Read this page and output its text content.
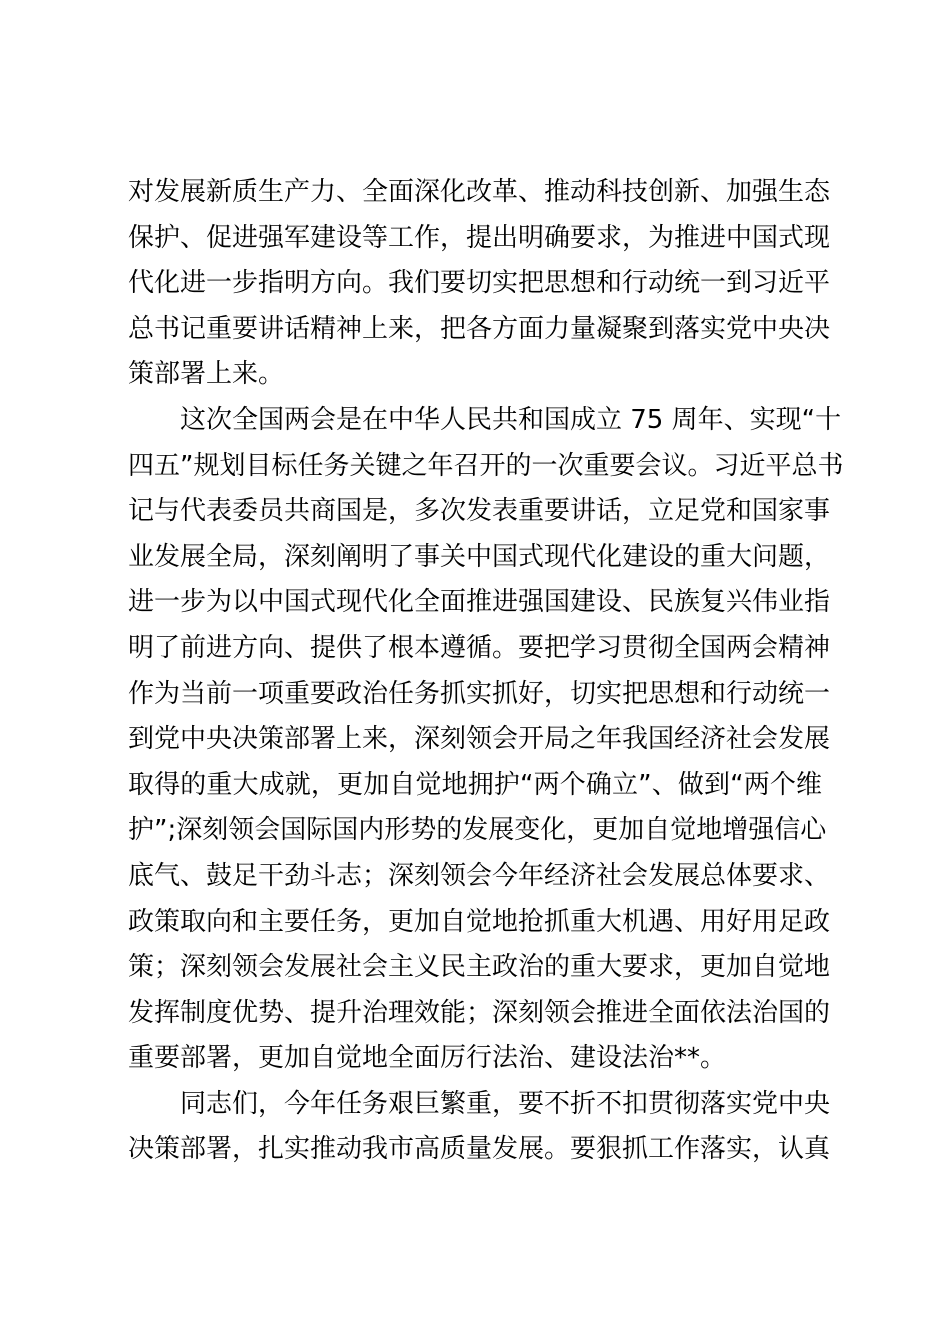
对发展新质生产力、全面深化改革、推动科技创新、加强生态
保护、促进强军建设等工作，提出明确要求，为推进中国式现
代化进一步指明方向。我们要切实把思想和行动统一到习近平
总书记重要讲话精神上来，把各方面力量凝聚到落实党中央决
策部署上来。
这次全国两会是在中华人民共和国成立 75 周年、实现“十
四五”规划目标任务关键之年召开的一次重要会议。习近平总书
记与代表委员共商国是，多次发表重要讲话，立足党和国家事
业发展全局，深刻阐明了事关中国式现代化建设的重大问题，
进一步为以中国式现代化全面推进强国建设、民族复兴伟业指
明了前进方向、提供了根本遵循。要把学习贯彻全国两会精神
作为当前一项重要政治任务抓实抓好，切实把思想和行动统一
到党中央决策部署上来，深刻领会开局之年我国经济社会发展
取得的重大成就，更加自觉地拥护“两个确立”、做到“两个维
护”;深刻领会国际国内形势的发展变化，更加自觉地增强信心
底气、鼓足干劲斗志；深刻领会今年经济社会发展总体要求、
政策取向和主要任务，更加自觉地抢抓重大机遇、用好用足政
策；深刻领会发展社会主义民主政治的重大要求，更加自觉地
发挥制度优势、提升治理效能；深刻领会推进全面依法治国的
重要部署，更加自觉地全面厉行法治、建设法治**。
同志们，今年任务艰巨繁重，要不折不扣贯彻落实党中央
决策部署，扎实推动我市高质量发展。要狠抓工作落实，认真
